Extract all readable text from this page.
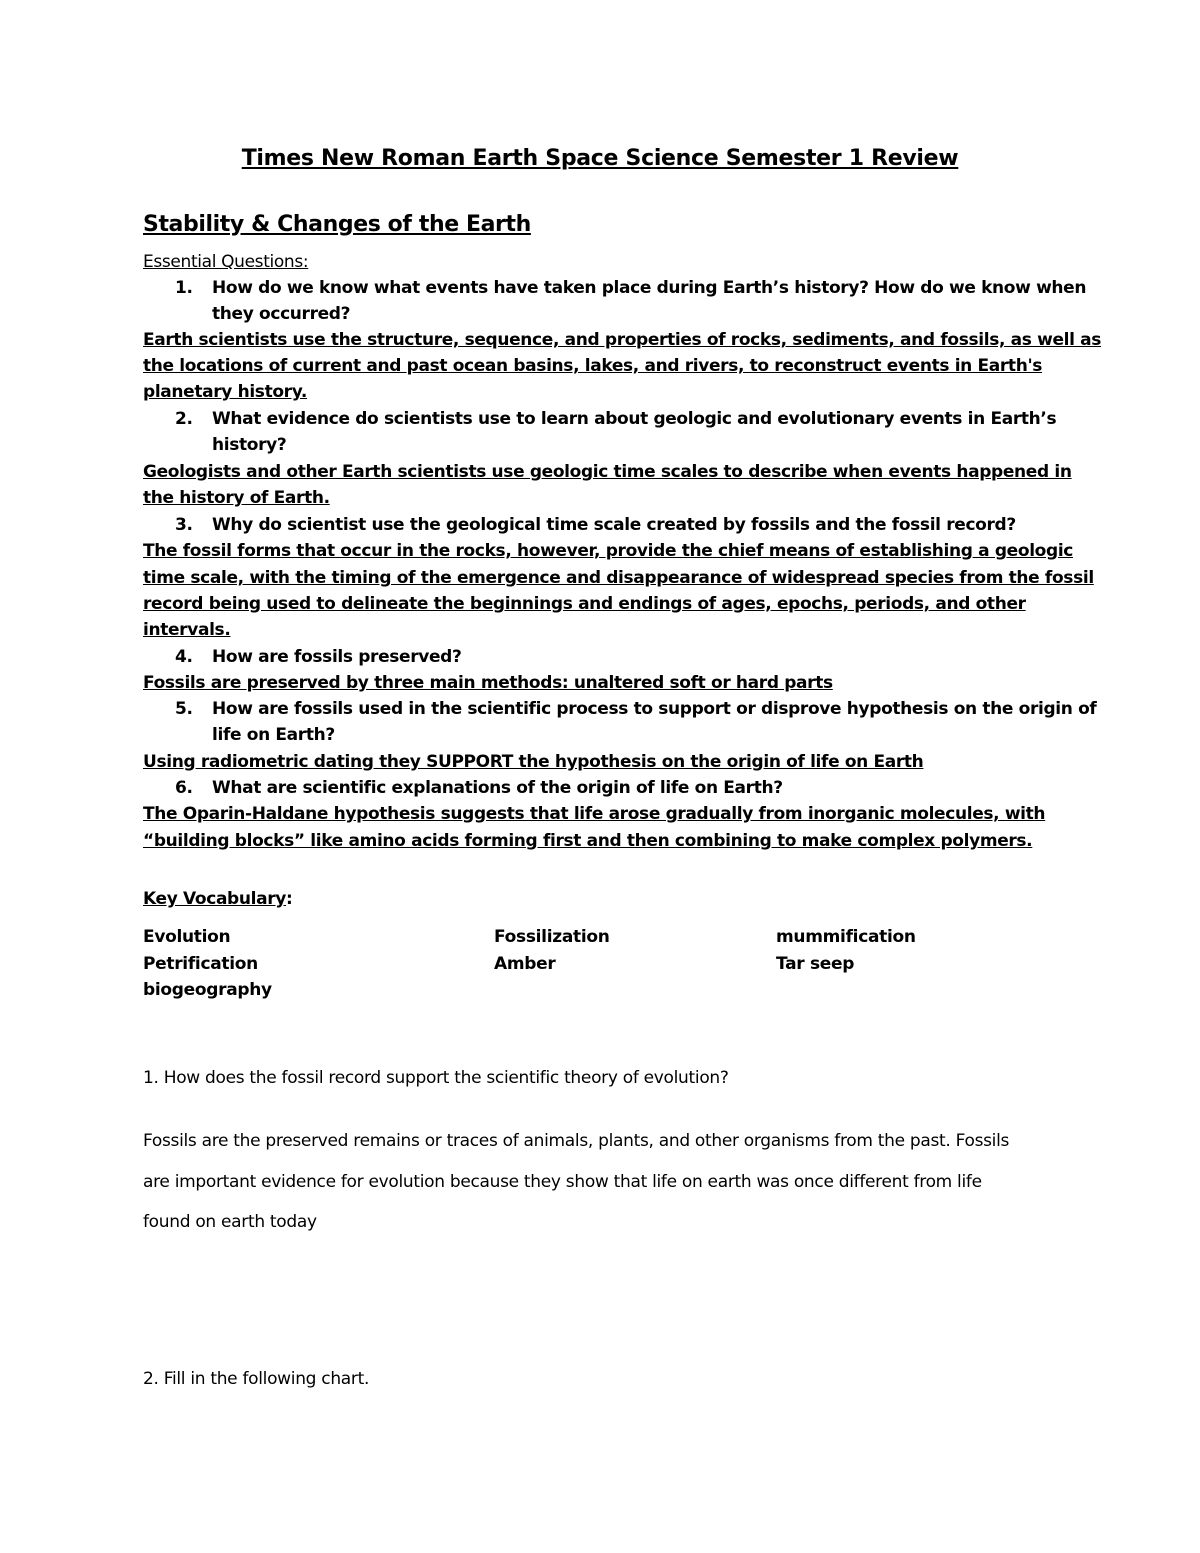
Times New Roman Earth Space Science Semester 1 Review
Stability & Changes of the Earth
Essential Questions:
1. How do we know what events have taken place during Earth’s history? How do we know when
they occurred?
Earth scientists use the structure, sequence, and properties of rocks, sediments, and fossils, as well as
the locations of current and past ocean basins, lakes, and rivers, to reconstruct events in Earth's
planetary history.
2. What evidence do scientists use to learn about geologic and evolutionary events in Earth’s
history?
Geologists and other Earth scientists use geologic time scales to describe when events happened in
the history of Earth.
3. Why do scientist use the geological time scale created by fossils and the fossil record?
The fossil forms that occur in the rocks, however, provide the chief means of establishing a geologic
time scale, with the timing of the emergence and disappearance of widespread species from the fossil
record being used to delineate the beginnings and endings of ages, epochs, periods, and other
intervals.
4. How are fossils preserved?
Fossils are preserved by three main methods: unaltered soft or hard parts
5. How are fossils used in the scientific process to support or disprove hypothesis on the origin of
life on Earth?
Using radiometric dating they SUPPORT the hypothesis on the origin of life on Earth
6. What are scientific explanations of the origin of life on Earth?
The Oparin-Haldane hypothesis suggests that life arose gradually from inorganic molecules, with
“building blocks” like amino acids forming first and then combining to make complex polymers.
Key Vocabulary:
Evolution
Petrification
biogeography
Fossilization
Amber
mummification
Tar seep
1. How does the fossil record support the scientific theory of evolution?
Fossils are the preserved remains or traces of animals, plants, and other organisms from the past. Fossils
are important evidence for evolution because they show that life on earth was once different from life
found on earth today
2. Fill in the following chart.
